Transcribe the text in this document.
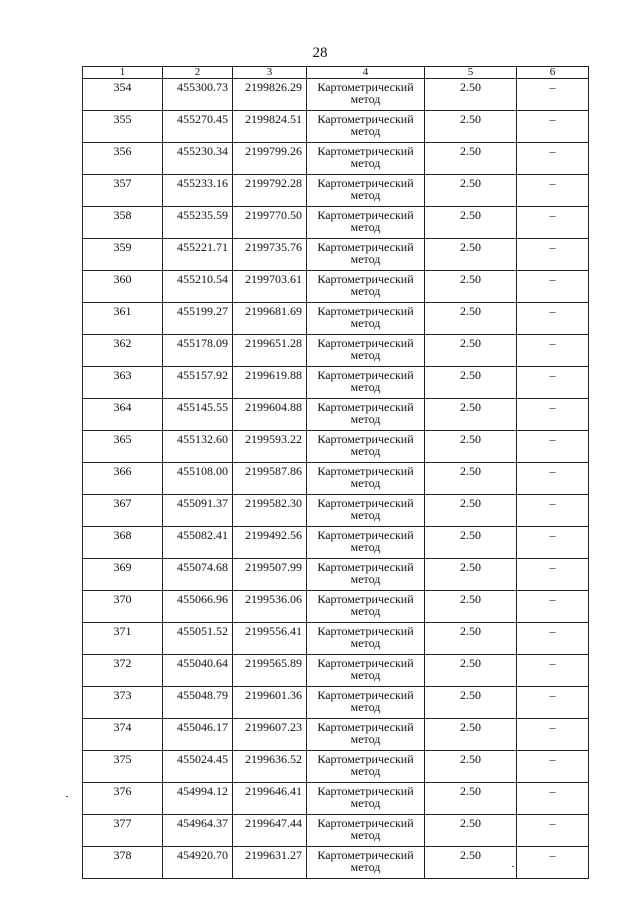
28
1	2	3	4	5	6
354	455300.73	2199826.29	Картометрический метод	2.50	–
355	455270.45	2199824.51	Картометрический метод	2.50	–
356	455230.34	2199799.26	Картометрический метод	2.50	–
357	455233.16	2199792.28	Картометрический метод	2.50	–
358	455235.59	2199770.50	Картометрический метод	2.50	–
359	455221.71	2199735.76	Картометрический метод	2.50	–
360	455210.54	2199703.61	Картометрический метод	2.50	–
361	455199.27	2199681.69	Картометрический метод	2.50	–
362	455178.09	2199651.28	Картометрический метод	2.50	–
363	455157.92	2199619.88	Картометрический метод	2.50	–
364	455145.55	2199604.88	Картометрический метод	2.50	–
365	455132.60	2199593.22	Картометрический метод	2.50	–
366	455108.00	2199587.86	Картометрический метод	2.50	–
367	455091.37	2199582.30	Картометрический метод	2.50	–
368	455082.41	2199492.56	Картометрический метод	2.50	–
369	455074.68	2199507.99	Картометрический метод	2.50	–
370	455066.96	2199536.06	Картометрический метод	2.50	–
371	455051.52	2199556.41	Картометрический метод	2.50	–
372	455040.64	2199565.89	Картометрический метод	2.50	–
373	455048.79	2199601.36	Картометрический метод	2.50	–
374	455046.17	2199607.23	Картометрический метод	2.50	–
375	455024.45	2199636.52	Картометрический метод	2.50	–
376	454994.12	2199646.41	Картометрический метод	2.50	–
377	454964.37	2199647.44	Картометрический метод	2.50	–
378	454920.70	2199631.27	Картометрический метод	2.50	–
